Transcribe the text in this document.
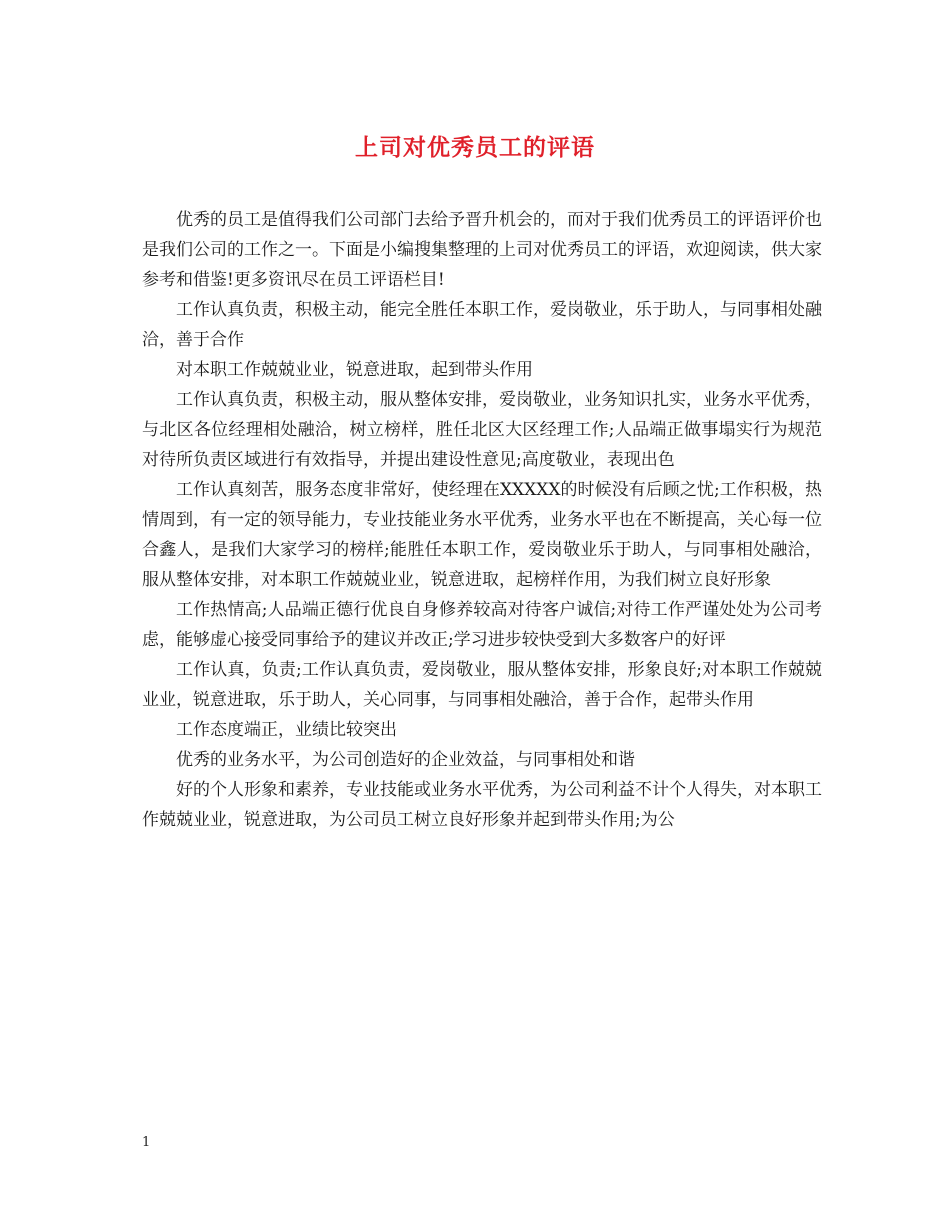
上司对优秀员工的评语

优秀的员工是值得我们公司部门去给予晋升机会的，而对于我们优秀员工的评语评价也是我们公司的工作之一。下面是小编搜集整理的上司对优秀员工的评语，欢迎阅读，供大家参考和借鉴!更多资讯尽在员工评语栏目!

工作认真负责，积极主动，能完全胜任本职工作，爱岗敬业，乐于助人，与同事相处融洽，善于合作

对本职工作兢兢业业，锐意进取，起到带头作用

工作认真负责，积极主动，服从整体安排，爱岗敬业，业务知识扎实，业务水平优秀，与北区各位经理相处融洽，树立榜样，胜任北区大区经理工作;人品端正做事塌实行为规范对待所负责区域进行有效指导，并提出建设性意见;高度敬业，表现出色

工作认真刻苦，服务态度非常好，使经理在XXXXX的时候没有后顾之忧;工作积极，热情周到，有一定的领导能力，专业技能业务水平优秀，业务水平也在不断提高，关心每一位合鑫人，是我们大家学习的榜样;能胜任本职工作，爱岗敬业乐于助人，与同事相处融洽，服从整体安排，对本职工作兢兢业业，锐意进取，起榜样作用，为我们树立良好形象

工作热情高;人品端正德行优良自身修养较高对待客户诚信;对待工作严谨处处为公司考虑，能够虚心接受同事给予的建议并改正;学习进步较快受到大多数客户的好评

工作认真，负责;工作认真负责，爱岗敬业，服从整体安排，形象良好;对本职工作兢兢业业，锐意进取，乐于助人，关心同事，与同事相处融洽，善于合作，起带头作用

工作态度端正，业绩比较突出

优秀的业务水平，为公司创造好的企业效益，与同事相处和谐

好的个人形象和素养，专业技能或业务水平优秀，为公司利益不计个人得失，对本职工作兢兢业业，锐意进取，为公司员工树立良好形象并起到带头作用;为公

1
